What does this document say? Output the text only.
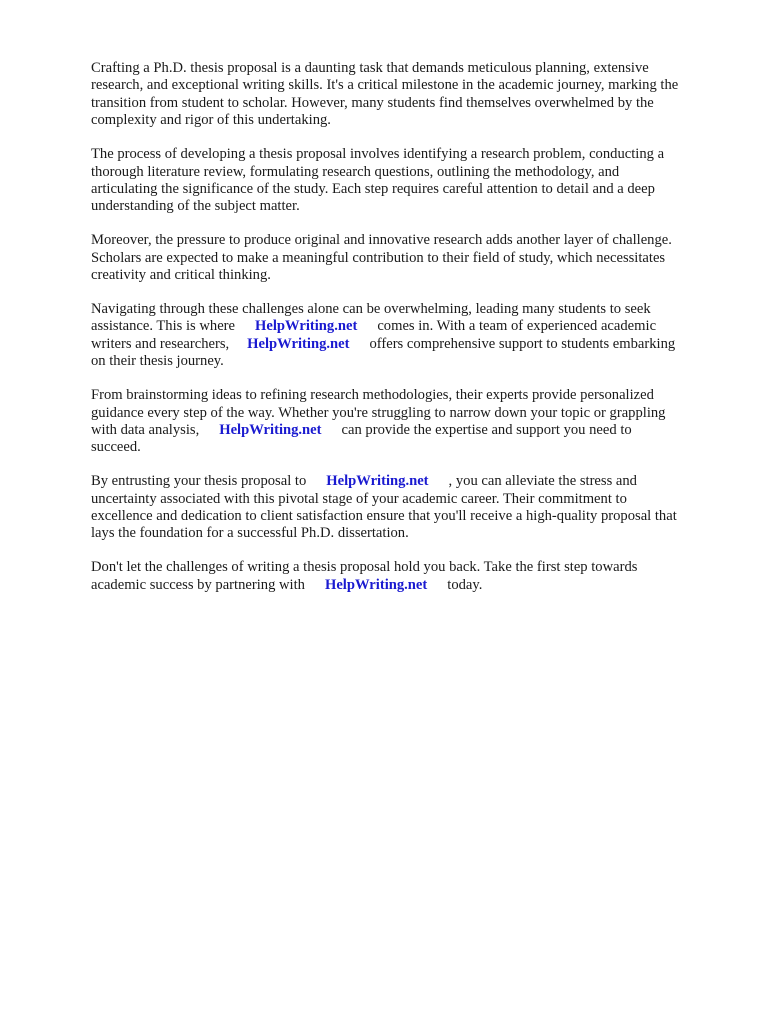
Crafting a Ph.D. thesis proposal is a daunting task that demands meticulous planning, extensive
research, and exceptional writing skills. It's a critical milestone in the academic journey, marking the
transition from student to scholar. However, many students find themselves overwhelmed by the
complexity and rigor of this undertaking.

The process of developing a thesis proposal involves identifying a research problem, conducting a
thorough literature review, formulating research questions, outlining the methodology, and
articulating the significance of the study. Each step requires careful attention to detail and a deep
understanding of the subject matter.

Moreover, the pressure to produce original and innovative research adds another layer of challenge.
Scholars are expected to make a meaningful contribution to their field of study, which necessitates
creativity and critical thinking.

Navigating through these challenges alone can be overwhelming, leading many students to seek
assistance. This is where HelpWriting.net comes in. With a team of experienced academic
writers and researchers, HelpWriting.net offers comprehensive support to students embarking
on their thesis journey.

From brainstorming ideas to refining research methodologies, their experts provide personalized
guidance every step of the way. Whether you're struggling to narrow down your topic or grappling
with data analysis, HelpWriting.net can provide the expertise and support you need to
succeed.

By entrusting your thesis proposal to HelpWriting.net , you can alleviate the stress and
uncertainty associated with this pivotal stage of your academic career. Their commitment to
excellence and dedication to client satisfaction ensure that you'll receive a high-quality proposal that
lays the foundation for a successful Ph.D. dissertation.

Don't let the challenges of writing a thesis proposal hold you back. Take the first step towards
academic success by partnering with HelpWriting.net today.
